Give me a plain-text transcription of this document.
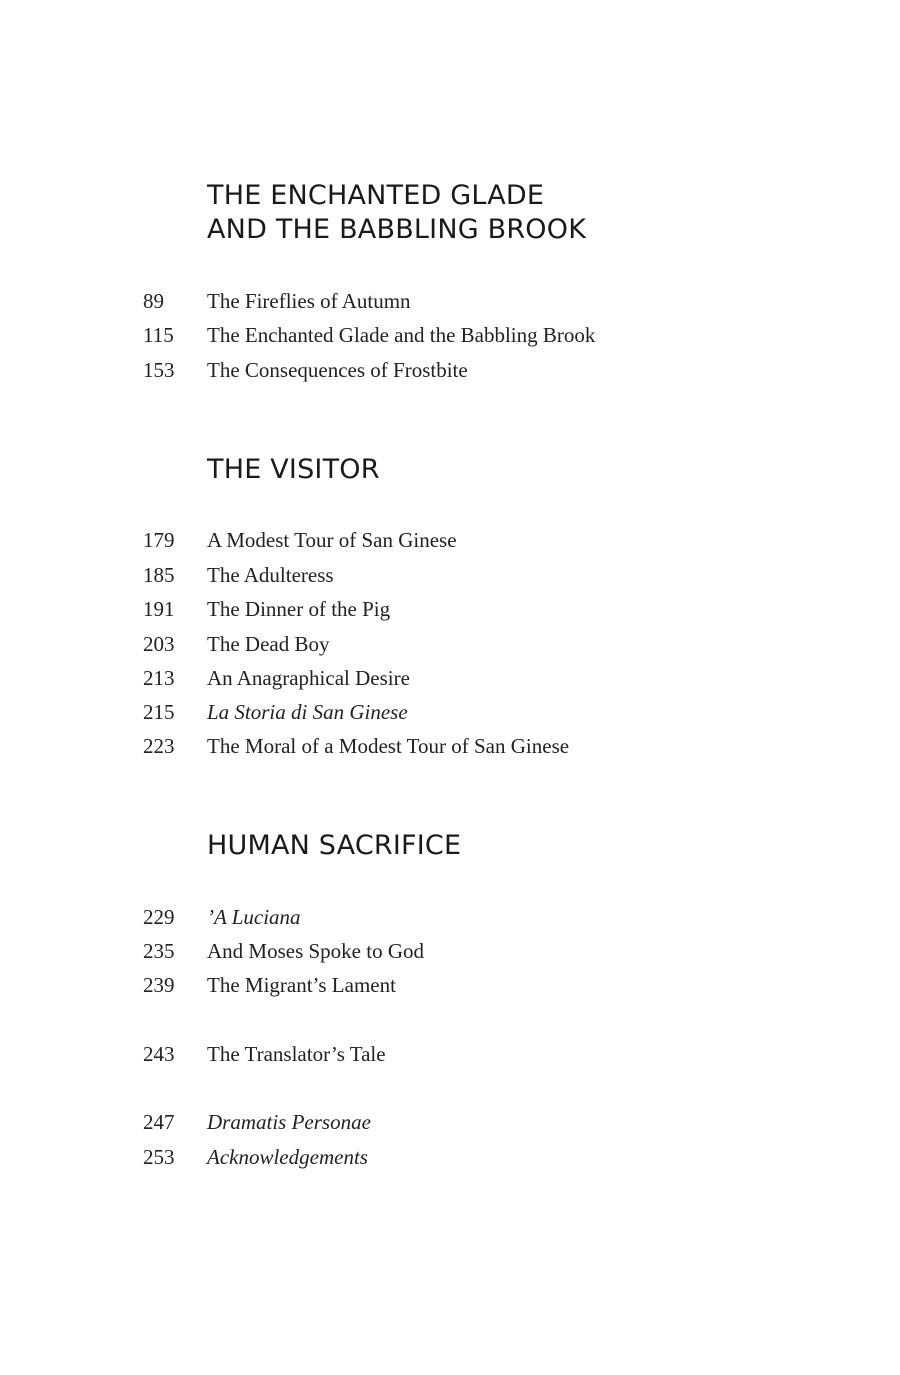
THE ENCHANTED GLADE
AND THE BABBLING BROOK
89 The Fireflies of Autumn
115 The Enchanted Glade and the Babbling Brook
153 The Consequences of Frostbite
THE VISITOR
179 A Modest Tour of San Ginese
185 The Adulteress
191 The Dinner of the Pig
203 The Dead Boy
213 An Anagraphical Desire
215 La Storia di San Ginese
223 The Moral of a Modest Tour of San Ginese
HUMAN SACRIFICE
229 ’A Luciana
235 And Moses Spoke to God
239 The Migrant’s Lament
243 The Translator’s Tale
247 Dramatis Personae
253 Acknowledgements
